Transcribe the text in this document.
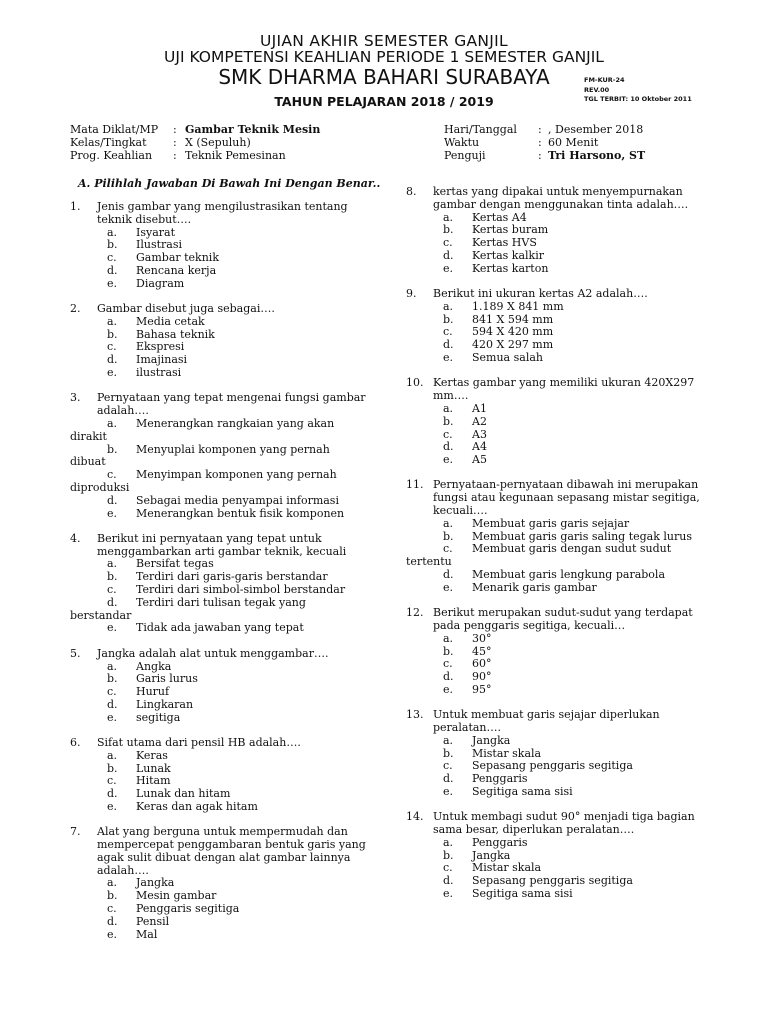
UJIAN AKHIR SEMESTER GANJIL
UJI KOMPETENSI KEAHLIAN PERIODE 1 SEMESTER GANJIL
SMK DHARMA BAHARI SURABAYA
TAHUN PELAJARAN 2018 / 2019
FM-KUR-24
REV.00
TGL TERBIT: 10 Oktober 2011
Mata Diklat/MP : Gambar Teknik Mesin
Kelas/Tingkat : X (Sepuluh)
Prog. Keahlian : Teknik Pemesinan
Hari/Tanggal : , Desember 2018
Waktu	: 60 Menit
Penguji	: Tri Harsono, ST
A. Pilihlah Jawaban Di Bawah Ini Dengan Benar..
1. Jenis gambar yang mengilustrasikan tentang teknik disebut….
a. Isyarat
b. Ilustrasi
c. Gambar teknik
d. Rencana kerja
e. Diagram
2. Gambar disebut juga sebagai….
a. Media cetak
b. Bahasa teknik
c. Ekspresi
d. Imajinasi
e. ilustrasi
3. Pernyataan yang tepat mengenai fungsi gambar adalah….
a. Menerangkan rangkaian yang akan
dirakit
b. Menyuplai komponen yang pernah
dibuat
c. Menyimpan komponen yang pernah
diproduksi
d. Sebagai media penyampai informasi
e. Menerangkan bentuk fisik komponen
4. Berikut ini pernyataan yang tepat untuk menggambarkan arti gambar teknik, kecuali
a. Bersifat tegas
b. Terdiri dari garis-garis berstandar
c. Terdiri dari simbol-simbol berstandar
d. Terdiri dari tulisan tegak yang
berstandar
e. Tidak ada jawaban yang tepat
5. Jangka adalah alat untuk menggambar….
a. Angka
b. Garis lurus
c. Huruf
d. Lingkaran
e. segitiga
6. Sifat utama dari pensil HB adalah….
a. Keras
b. Lunak
c. Hitam
d. Lunak dan hitam
e. Keras dan agak hitam
7. Alat yang berguna untuk mempermudah dan mempercepat penggambaran bentuk garis yang agak sulit dibuat dengan alat gambar lainnya adalah….
a. Jangka
b. Mesin gambar
c. Penggaris segitiga
d. Pensil
e. Mal
8. kertas yang dipakai untuk menyempurnakan gambar dengan menggunakan tinta adalah….
a. Kertas A4
b. Kertas buram
c. Kertas HVS
d. Kertas kalkir
e. Kertas karton
9. Berikut ini ukuran kertas A2 adalah….
a. 1.189 X 841 mm
b. 841 X 594 mm
c. 594 X 420 mm
d. 420 X 297 mm
e. Semua salah
10. Kertas gambar yang memiliki ukuran 420X297 mm….
a. A1
b. A2
c. A3
d. A4
e. A5
11. Pernyataan-pernyataan dibawah ini merupakan fungsi atau kegunaan sepasang mistar segitiga, kecuali….
a. Membuat garis garis sejajar
b. Membuat garis garis saling tegak lurus
c. Membuat garis dengan sudut sudut
tertentu
d. Membuat garis lengkung parabola
e. Menarik garis gambar
12. Berikut merupakan sudut-sudut yang terdapat pada penggaris segitiga, kecuali…
a. 30°
b. 45°
c. 60°
d. 90°
e. 95°
13. Untuk membuat garis sejajar diperlukan peralatan….
a. Jangka
b. Mistar skala
c. Sepasang penggaris segitiga
d. Penggaris
e. Segitiga sama sisi
14. Untuk membagi sudut 90° menjadi tiga bagian sama besar, diperlukan peralatan….
a. Penggaris
b. Jangka
c. Mistar skala
d. Sepasang penggaris segitiga
e. Segitiga sama sisi
